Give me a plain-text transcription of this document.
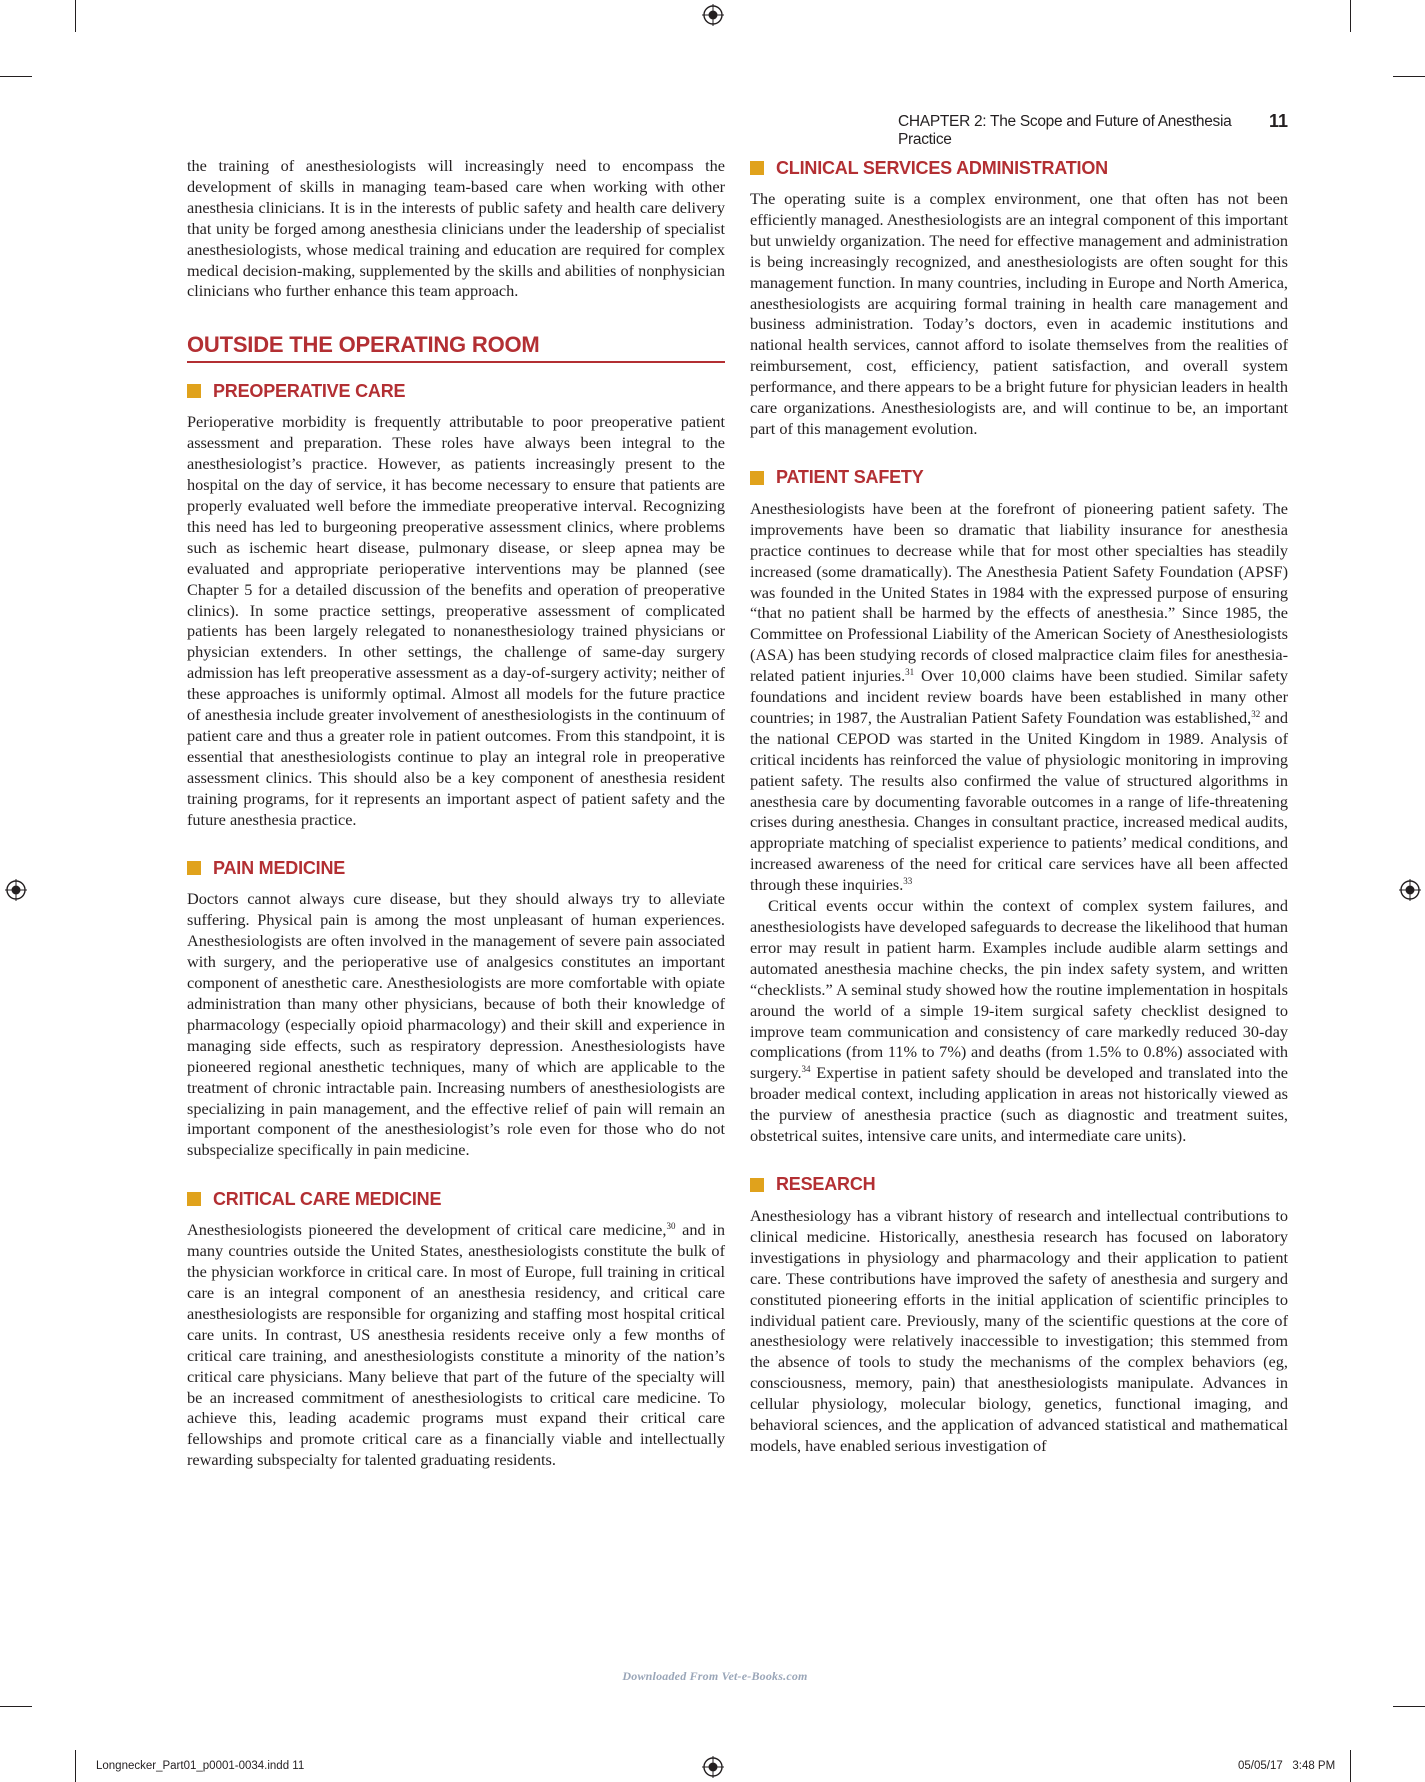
CHAPTER 2: The Scope and Future of Anesthesia Practice
11

the training of anesthesiologists will increasingly need to encompass the development of skills in managing team-based care when working with other anesthesia clinicians. It is in the interests of public safety and health care delivery that unity be forged among anesthesia clinicians under the leadership of specialist anesthesiologists, whose medical training and education are required for complex medical decision-making, supplemented by the skills and abilities of nonphysician clinicians who further enhance this team approach.

OUTSIDE THE OPERATING ROOM
PREOPERATIVE CARE

Perioperative morbidity is frequently attributable to poor preoperative patient assessment and preparation. These roles have always been integral to the anesthesiologist’s practice. However, as patients increasingly present to the hospital on the day of service, it has become necessary to ensure that patients are properly evaluated well before the immediate preoperative interval. Recognizing this need has led to burgeoning preoperative assessment clinics, where problems such as ischemic heart disease, pulmonary disease, or sleep apnea may be evaluated and appropriate perioperative interventions may be planned (see Chapter 5 for a detailed discussion of the benefits and operation of preoperative clinics). In some practice settings, preoperative assessment of complicated patients has been largely relegated to nonanesthesiology trained physicians or physician extenders. In other settings, the challenge of same-day surgery admission has left preoperative assessment as a day-of-surgery activity; neither of these approaches is uniformly optimal. Almost all models for the future practice of anesthesia include greater involvement of anesthesiologists in the continuum of patient care and thus a greater role in patient outcomes. From this standpoint, it is essential that anesthesiologists continue to play an integral role in preoperative assessment clinics. This should also be a key component of anesthesia resident training programs, for it represents an important aspect of patient safety and the future anesthesia practice.

PAIN MEDICINE

Doctors cannot always cure disease, but they should always try to alleviate suffering. Physical pain is among the most unpleasant of human experiences. Anesthesiologists are often involved in the management of severe pain associated with surgery, and the perioperative use of analgesics constitutes an important component of anesthetic care. Anesthesiologists are more comfortable with opiate administration than many other physicians, because of both their knowledge of pharmacology (especially opioid pharmacology) and their skill and experience in managing side effects, such as respiratory depression. Anesthesiologists have pioneered regional anesthetic techniques, many of which are applicable to the treatment of chronic intractable pain. Increasing numbers of anesthesiologists are specializing in pain management, and the effective relief of pain will remain an important component of the anesthesiologist’s role even for those who do not subspecialize specifically in pain medicine.

CRITICAL CARE MEDICINE

Anesthesiologists pioneered the development of critical care medicine,$^{30}$ and in many countries outside the United States, anesthesiologists constitute the bulk of the physician workforce in critical care. In most of Europe, full training in critical care is an integral component of an anesthesia residency, and critical care anesthesiologists are responsible for organizing and staffing most hospital critical care units. In contrast, US anesthesia residents receive only a few months of critical care training, and anesthesiologists constitute a minority of the nation’s critical care physicians. Many believe that part of the future of the specialty will be an increased commitment of anesthesiologists to critical care medicine. To achieve this, leading academic programs must expand their critical care fellowships and promote critical care as a financially viable and intellectually rewarding subspecialty for talented graduating residents.

CLINICAL SERVICES ADMINISTRATION

The operating suite is a complex environment, one that often has not been efficiently managed. Anesthesiologists are an integral component of this important but unwieldy organization. The need for effective management and administration is being increasingly recognized, and anesthesiologists are often sought for this management function. In many countries, including in Europe and North America, anesthesiologists are acquiring formal training in health care management and business administration. Today’s doctors, even in academic institutions and national health services, cannot afford to isolate themselves from the realities of reimbursement, cost, efficiency, patient satisfaction, and overall system performance, and there appears to be a bright future for physician leaders in health care organizations. Anesthesiologists are, and will continue to be, an important part of this management evolution.

PATIENT SAFETY

Anesthesiologists have been at the forefront of pioneering patient safety. The improvements have been so dramatic that liability insurance for anesthesia practice continues to decrease while that for most other specialties has steadily increased (some dramatically). The Anesthesia Patient Safety Foundation (APSF) was founded in the United States in 1984 with the expressed purpose of ensuring “that no patient shall be harmed by the effects of anesthesia.” Since 1985, the Committee on Professional Liability of the American Society of Anesthesiologists (ASA) has been studying records of closed malpractice claim files for anesthesia-related patient injuries.$^{31}$ Over 10,000 claims have been studied. Similar safety foundations and incident review boards have been established in many other countries; in 1987, the Australian Patient Safety Foundation was established,$^{32}$ and the national CEPOD was started in the United Kingdom in 1989. Analysis of critical incidents has reinforced the value of physiologic monitoring in improving patient safety. The results also confirmed the value of structured algorithms in anesthesia care by documenting favorable outcomes in a range of life-threatening crises during anesthesia. Changes in consultant practice, increased medical audits, appropriate matching of specialist experience to patients’ medical conditions, and increased awareness of the need for critical care services have all been affected through these inquiries.$^{33}$

Critical events occur within the context of complex system failures, and anesthesiologists have developed safeguards to decrease the likelihood that human error may result in patient harm. Examples include audible alarm settings and automated anesthesia machine checks, the pin index safety system, and written “checklists.” A seminal study showed how the routine implementation in hospitals around the world of a simple 19-item surgical safety checklist designed to improve team communication and consistency of care markedly reduced 30-day complications (from 11% to 7%) and deaths (from 1.5% to 0.8%) associated with surgery.$^{34}$ Expertise in patient safety should be developed and translated into the broader medical context, including application in areas not historically viewed as the purview of anesthesia practice (such as diagnostic and treatment suites, obstetrical suites, intensive care units, and intermediate care units).

RESEARCH

Anesthesiology has a vibrant history of research and intellectual contributions to clinical medicine. Historically, anesthesia research has focused on laboratory investigations in physiology and pharmacology and their application to patient care. These contributions have improved the safety of anesthesia and surgery and constituted pioneering efforts in the initial application of scientific principles to individual patient care. Previously, many of the scientific questions at the core of anesthesiology were relatively inaccessible to investigation; this stemmed from the absence of tools to study the mechanisms of the complex behaviors (eg, consciousness, memory, pain) that anesthesiologists manipulate. Advances in cellular physiology, molecular biology, genetics, functional imaging, and behavioral sciences, and the application of advanced statistical and mathematical models, have enabled serious investigation of

Downloaded From Vet-e-Books.com
Longnecker_Part01_p0001-0034.indd 11	05/05/17   3:48 PM
